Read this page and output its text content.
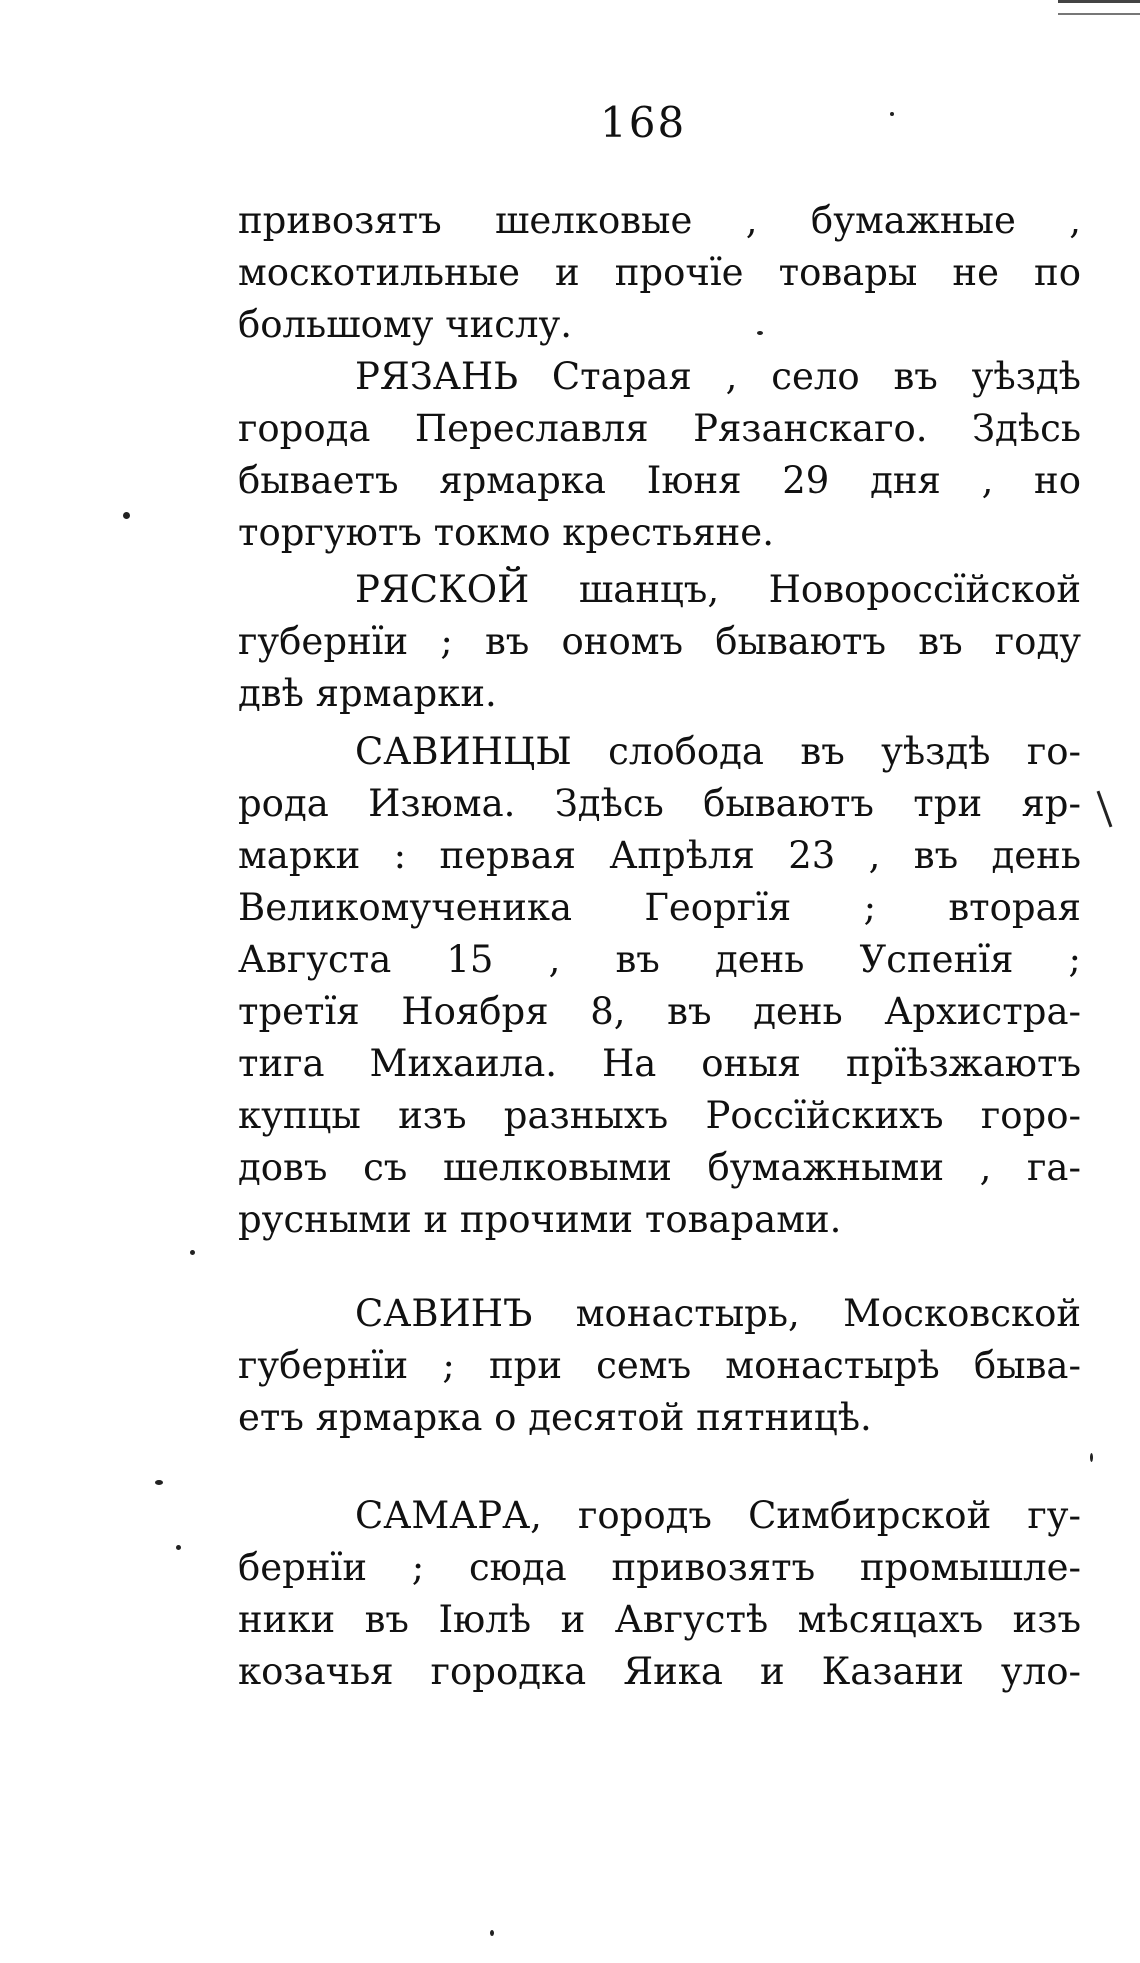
168
привозятъ шелковые , бумажные ,
москотильные и прочїе товары не по
большому числу.
РЯЗАНЬ Старая , село въ уѣздѣ
города Переславля Рязанскаго. Здѣсь
бываетъ ярмарка Іюня 29 дня , но
торгуютъ токмо крестьяне.
РЯСКОЙ шанцъ, Новороссїйской
губернїи ; въ ономъ бываютъ въ году
двѣ ярмарки.
САВИНЦЫ слобода въ уѣздѣ го-
рода Изюма. Здѣсь бываютъ три яр-
марки : первая Апрѣля 23 , въ день
Великомученика Георгїя ; вторая
Августа 15 , въ день Успенїя ;
третїя Ноября 8, въ день Архистра-
тига Михаила. На оныя прїѣзжаютъ
купцы изъ разныхъ Россїйскихъ горо-
довъ съ шелковыми бумажными , га-
русными и прочими товарами.
САВИНЪ монастырь, Московской
губернїи ; при семъ монастырѣ быва-
етъ ярмарка о десятой пятницѣ.
САМАРА, городъ Симбирской гу-
бернїи ; сюда привозятъ промышле-
ники въ Іюлѣ и Августѣ мѣсяцахъ изъ
козачья городка Яика и Казани уло-
